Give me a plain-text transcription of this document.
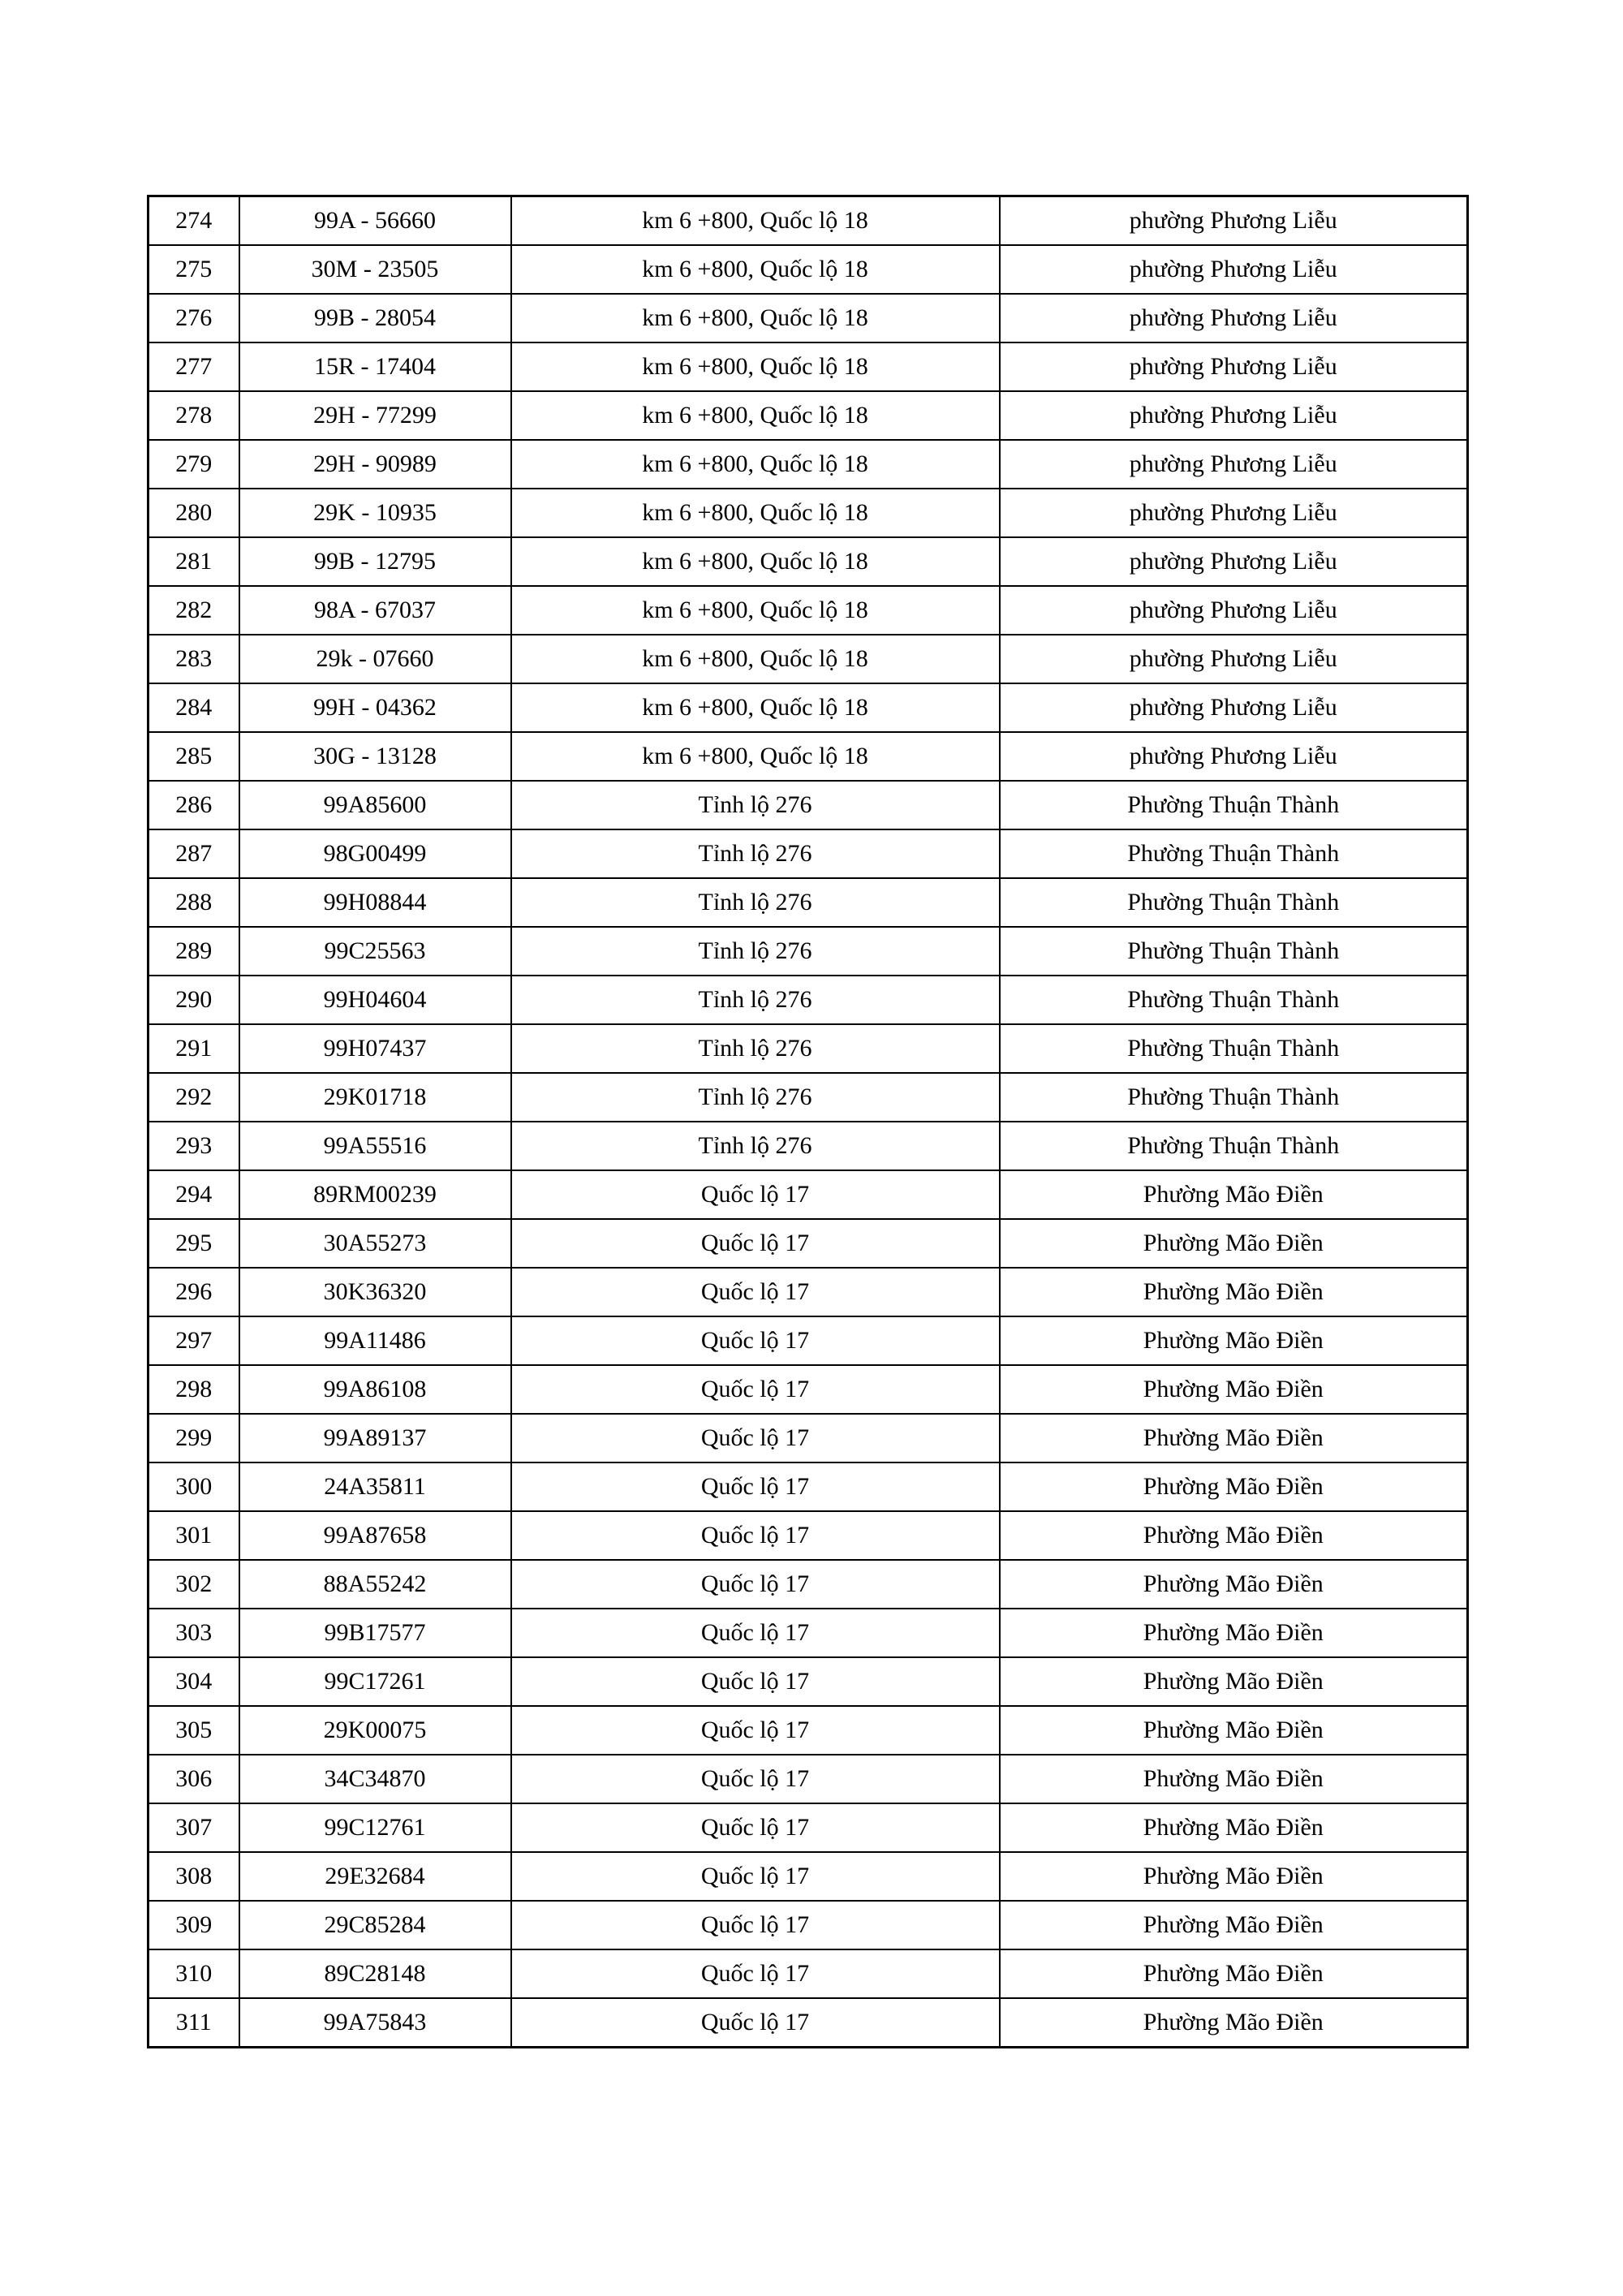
274	99A - 56660	km 6 +800, Quốc lộ 18	phường Phương Liễu
275	30M - 23505	km 6 +800, Quốc lộ 18	phường Phương Liễu
276	99B - 28054	km 6 +800, Quốc lộ 18	phường Phương Liễu
277	15R - 17404	km 6 +800, Quốc lộ 18	phường Phương Liễu
278	29H - 77299	km 6 +800, Quốc lộ 18	phường Phương Liễu
279	29H - 90989	km 6 +800, Quốc lộ 18	phường Phương Liễu
280	29K - 10935	km 6 +800, Quốc lộ 18	phường Phương Liễu
281	99B - 12795	km 6 +800, Quốc lộ 18	phường Phương Liễu
282	98A - 67037	km 6 +800, Quốc lộ 18	phường Phương Liễu
283	29k - 07660	km 6 +800, Quốc lộ 18	phường Phương Liễu
284	99H - 04362	km 6 +800, Quốc lộ 18	phường Phương Liễu
285	30G - 13128	km 6 +800, Quốc lộ 18	phường Phương Liễu
286	99A85600	Tỉnh lộ 276	Phường Thuận Thành
287	98G00499	Tỉnh lộ 276	Phường Thuận Thành
288	99H08844	Tỉnh lộ 276	Phường Thuận Thành
289	99C25563	Tỉnh lộ 276	Phường Thuận Thành
290	99H04604	Tỉnh lộ 276	Phường Thuận Thành
291	99H07437	Tỉnh lộ 276	Phường Thuận Thành
292	29K01718	Tỉnh lộ 276	Phường Thuận Thành
293	99A55516	Tỉnh lộ 276	Phường Thuận Thành
294	89RM00239	Quốc lộ 17	Phường Mão Điền
295	30A55273	Quốc lộ 17	Phường Mão Điền
296	30K36320	Quốc lộ 17	Phường Mão Điền
297	99A11486	Quốc lộ 17	Phường Mão Điền
298	99A86108	Quốc lộ 17	Phường Mão Điền
299	99A89137	Quốc lộ 17	Phường Mão Điền
300	24A35811	Quốc lộ 17	Phường Mão Điền
301	99A87658	Quốc lộ 17	Phường Mão Điền
302	88A55242	Quốc lộ 17	Phường Mão Điền
303	99B17577	Quốc lộ 17	Phường Mão Điền
304	99C17261	Quốc lộ 17	Phường Mão Điền
305	29K00075	Quốc lộ 17	Phường Mão Điền
306	34C34870	Quốc lộ 17	Phường Mão Điền
307	99C12761	Quốc lộ 17	Phường Mão Điền
308	29E32684	Quốc lộ 17	Phường Mão Điền
309	29C85284	Quốc lộ 17	Phường Mão Điền
310	89C28148	Quốc lộ 17	Phường Mão Điền
311	99A75843	Quốc lộ 17	Phường Mão Điền
